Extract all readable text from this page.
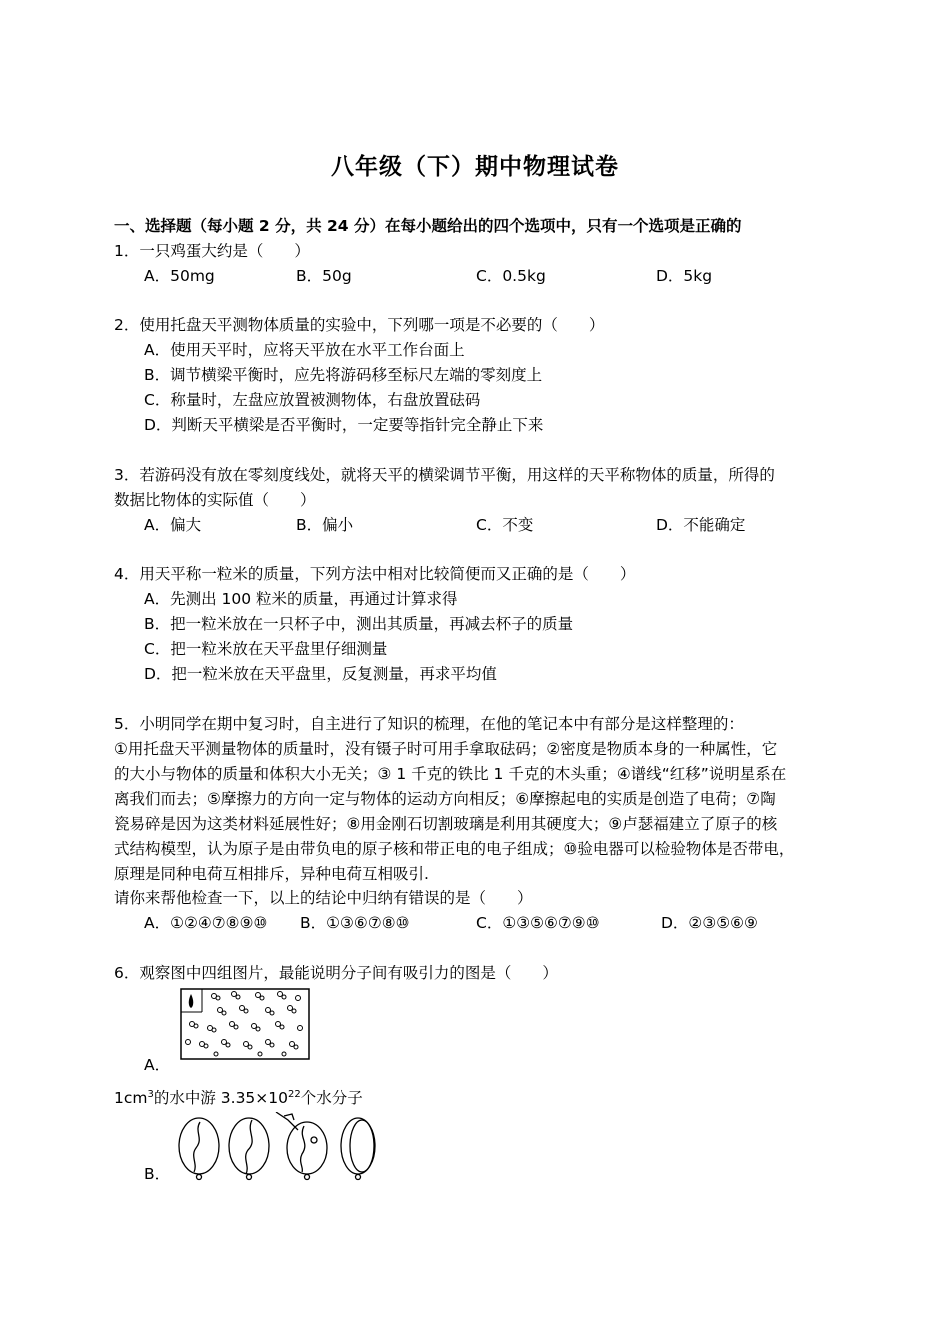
八年级（下）期中物理试卷
一、选择题（每小题 2 分，共 24 分）在每小题给出的四个选项中，只有一个选项是正确的
1．一只鸡蛋大约是（　　）
A．50mg	B．50g	C．0.5kg	D．5kg
2．使用托盘天平测物体质量的实验中，下列哪一项是不必要的（　　）
A．使用天平时，应将天平放在水平工作台面上
B．调节横梁平衡时，应先将游码移至标尺左端的零刻度上
C．称量时，左盘应放置被测物体，右盘放置砝码
D．判断天平横梁是否平衡时，一定要等指针完全静止下来
3．若游码没有放在零刻度线处，就将天平的横梁调节平衡，用这样的天平称物体的质量，所得的
数据比物体的实际值（　　）
A．偏大	B．偏小	C．不变	D．不能确定
4．用天平称一粒米的质量，下列方法中相对比较简便而又正确的是（　　）
A．先测出 100 粒米的质量，再通过计算求得
B．把一粒米放在一只杯子中，测出其质量，再减去杯子的质量
C．把一粒米放在天平盘里仔细测量
D．把一粒米放在天平盘里，反复测量，再求平均值
5．小明同学在期中复习时，自主进行了知识的梳理，在他的笔记本中有部分是这样整理的：
①用托盘天平测量物体的质量时，没有镊子时可用手拿取砝码；②密度是物质本身的一种属性，它
的大小与物体的质量和体积大小无关；③ 1 千克的铁比 1 千克的木头重；④谱线“红移”说明星系在
离我们而去；⑤摩擦力的方向一定与物体的运动方向相反；⑥摩擦起电的实质是创造了电荷；⑦陶
瓷易碎是因为这类材料延展性好；⑧用金刚石切割玻璃是利用其硬度大；⑨卢瑟福建立了原子的核
式结构模型，认为原子是由带负电的原子核和带正电的电子组成；⑩验电器可以检验物体是否带电，
原理是同种电荷互相排斥，异种电荷互相吸引.
请你来帮他检查一下，以上的结论中归纳有错误的是（　　）
A．①②④⑦⑧⑨⑩ B．①③⑥⑦⑧⑩	C．①③⑤⑥⑦⑨⑩	D．②③⑤⑥⑨
6．观察图中四组图片，最能说明分子间有吸引力的图是（　　）
A．
$1cm^3$的水中游 $3.35\times 10^{22}$个水分子
B．
